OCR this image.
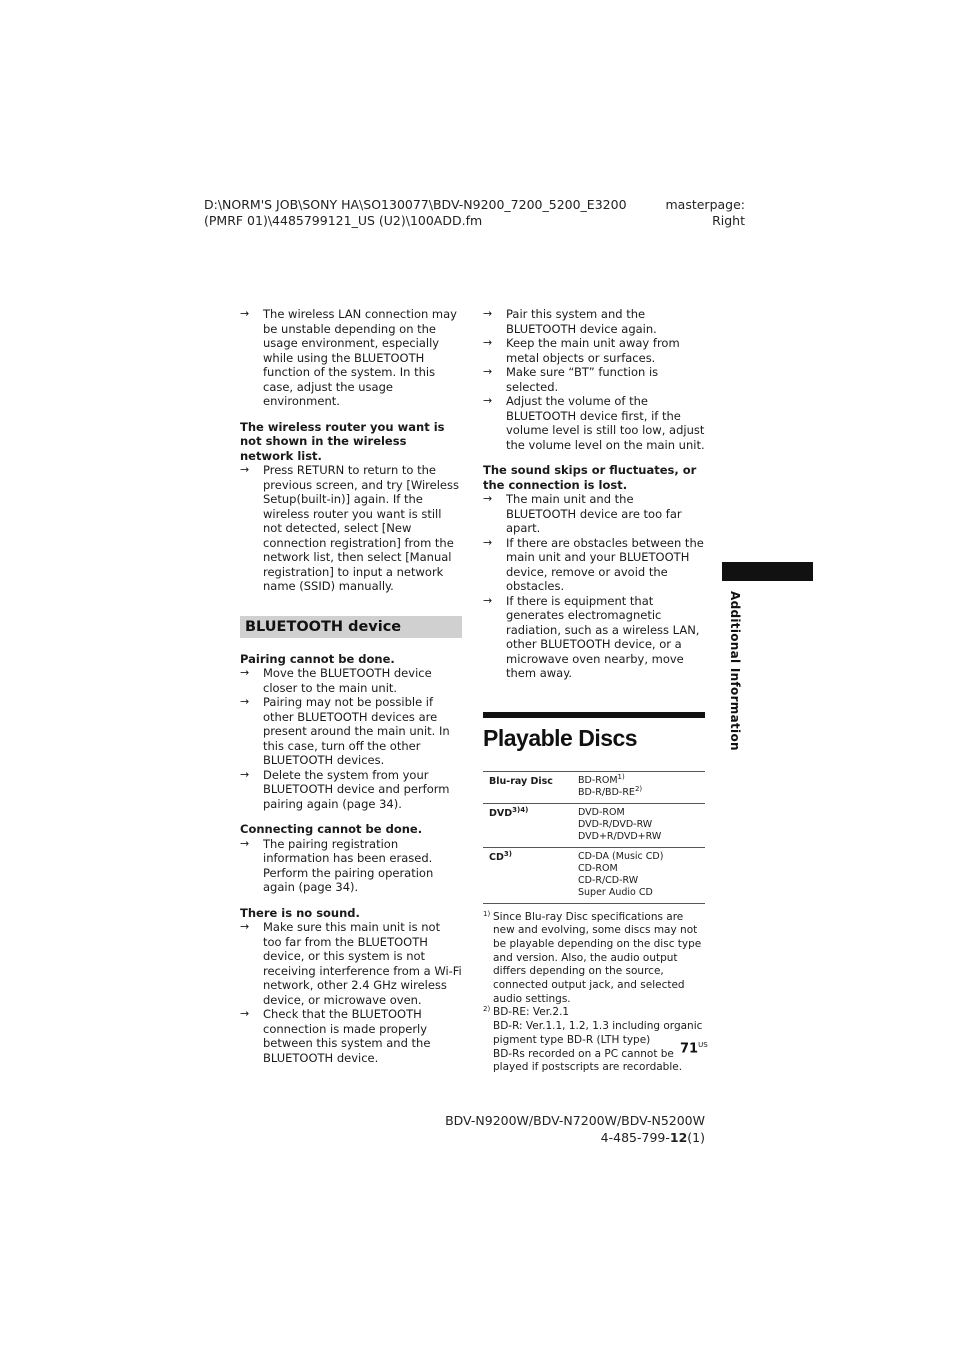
D:\NORM'S JOB\SONY HA\SO130077\BDV-N9200_7200_5200_E3200
(PMRF 01)\4485799121_US (U2)\100ADD.fm
masterpage:
Right
→	The wireless LAN connection may be unstable depending on the usage environment, especially while using the BLUETOOTH function of the system. In this case, adjust the usage environment.
The wireless router you want is not shown in the wireless network list.
→	Press RETURN to return to the previous screen, and try [Wireless Setup(built-in)] again. If the wireless router you want is still not detected, select [New connection registration] from the network list, then select [Manual registration] to input a network name (SSID) manually.
BLUETOOTH device
Pairing cannot be done.
→	Move the BLUETOOTH device closer to the main unit.
→	Pairing may not be possible if other BLUETOOTH devices are present around the main unit. In this case, turn off the other BLUETOOTH devices.
→	Delete the system from your BLUETOOTH device and perform pairing again (page 34).
Connecting cannot be done.
→	The pairing registration information has been erased. Perform the pairing operation again (page 34).
There is no sound.
→	Make sure this main unit is not too far from the BLUETOOTH device, or this system is not receiving interference from a Wi-Fi network, other 2.4 GHz wireless device, or microwave oven.
→	Check that the BLUETOOTH connection is made properly between this system and the BLUETOOTH device.
→	Pair this system and the BLUETOOTH device again.
→	Keep the main unit away from metal objects or surfaces.
→	Make sure “BT” function is selected.
→	Adjust the volume of the BLUETOOTH device first, if the volume level is still too low, adjust the volume level on the main unit.
The sound skips or fluctuates, or the connection is lost.
→	The main unit and the BLUETOOTH device are too far apart.
→	If there are obstacles between the main unit and your BLUETOOTH device, remove or avoid the obstacles.
→	If there is equipment that generates electromagnetic radiation, such as a wireless LAN, other BLUETOOTH device, or a microwave oven nearby, move them away.
Playable Discs
Blu-ray Disc	BD-ROM$^{1)}$
BD-R/BD-RE$^{2)}$

$DVD^{3)4)}$	DVD-ROM
DVD-R/DVD-RW
DVD+R/DVD+RW

CD$^{3)}$	CD-DA (Music CD)
CD-ROM
CD-R/CD-RW
Super Audio CD
1) Since Blu-ray Disc specifications are new and evolving, some discs may not be playable depending on the disc type and version. Also, the audio output differs depending on the source, connected output jack, and selected audio settings.
2) BD-RE: Ver.2.1
BD-R: Ver.1.1, 1.2, 1.3 including organic pigment type BD-R (LTH type)
BD-Rs recorded on a PC cannot be played if postscripts are recordable.
Additional Information
$71^{US}$
BDV-N9200W/BDV-N7200W/BDV-N5200W
4-485-799-12(1)
